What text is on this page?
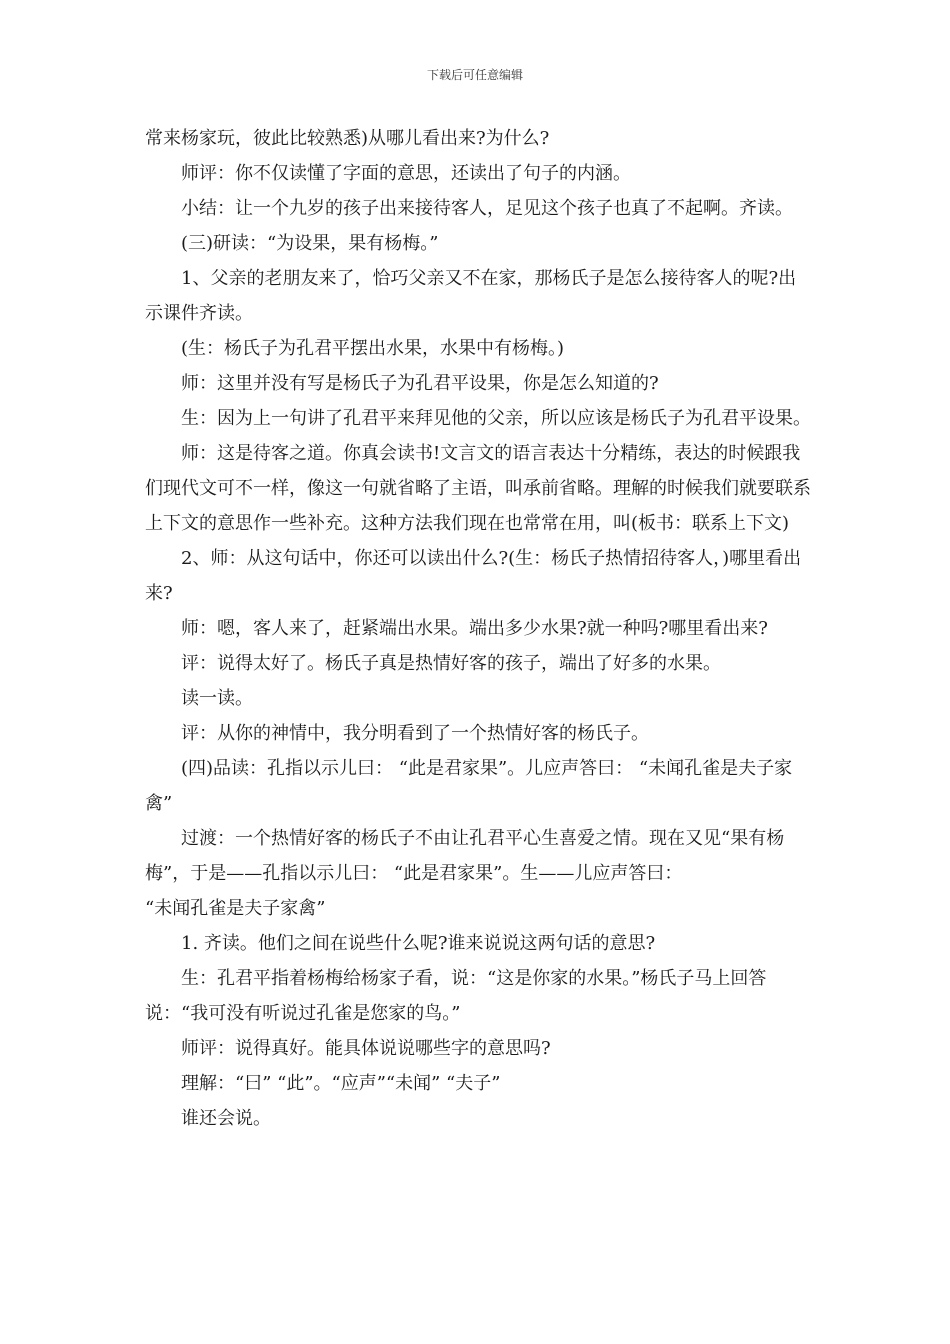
下载后可任意编辑

常来杨家玩，彼此比较熟悉)从哪儿看出来?为什么?

师评：你不仅读懂了字面的意思，还读出了句子的内涵。

小结：让一个九岁的孩子出来接待客人，足见这个孩子也真了不起啊。齐读。

(三)研读：“为设果，果有杨梅。”

1、父亲的老朋友来了，恰巧父亲又不在家，那杨氏子是怎么接待客人的呢?出示课件齐读。

(生：杨氏子为孔君平摆出水果，水果中有杨梅。)

师：这里并没有写是杨氏子为孔君平设果，你是怎么知道的?

生：因为上一句讲了孔君平来拜见他的父亲，所以应该是杨氏子为孔君平设果。

师：这是待客之道。你真会读书!文言文的语言表达十分精练，表达的时候跟我们现代文可不一样，像这一句就省略了主语，叫承前省略。理解的时候我们就要联系上下文的意思作一些补充。这种方法我们现在也常常在用，叫(板书：联系上下文)

2、师：从这句话中，你还可以读出什么?(生：杨氏子热情招待客人，)哪里看出来?

师：嗯，客人来了，赶紧端出水果。端出多少水果?就一种吗?哪里看出来?

评：说得太好了。杨氏子真是热情好客的孩子，端出了好多的水果。

读一读。

评：从你的神情中，我分明看到了一个热情好客的杨氏子。

(四)品读：孔指以示儿曰： “此是君家果”。儿应声答曰： “未闻孔雀是夫子家禽”

过渡：一个热情好客的杨氏子不由让孔君平心生喜爱之情。现在又见“果有杨梅”，于是——孔指以示儿曰： “此是君家果”。生——儿应声答曰：

“未闻孔雀是夫子家禽”

1. 齐读。他们之间在说些什么呢?谁来说说这两句话的意思?

生：孔君平指着杨梅给杨家子看，说：“这是你家的水果。”杨氏子马上回答说：“我可没有听说过孔雀是您家的鸟。”

师评：说得真好。能具体说说哪些字的意思吗?

理解：“曰” “此”。“应声”“未闻” “夫子”

谁还会说。
